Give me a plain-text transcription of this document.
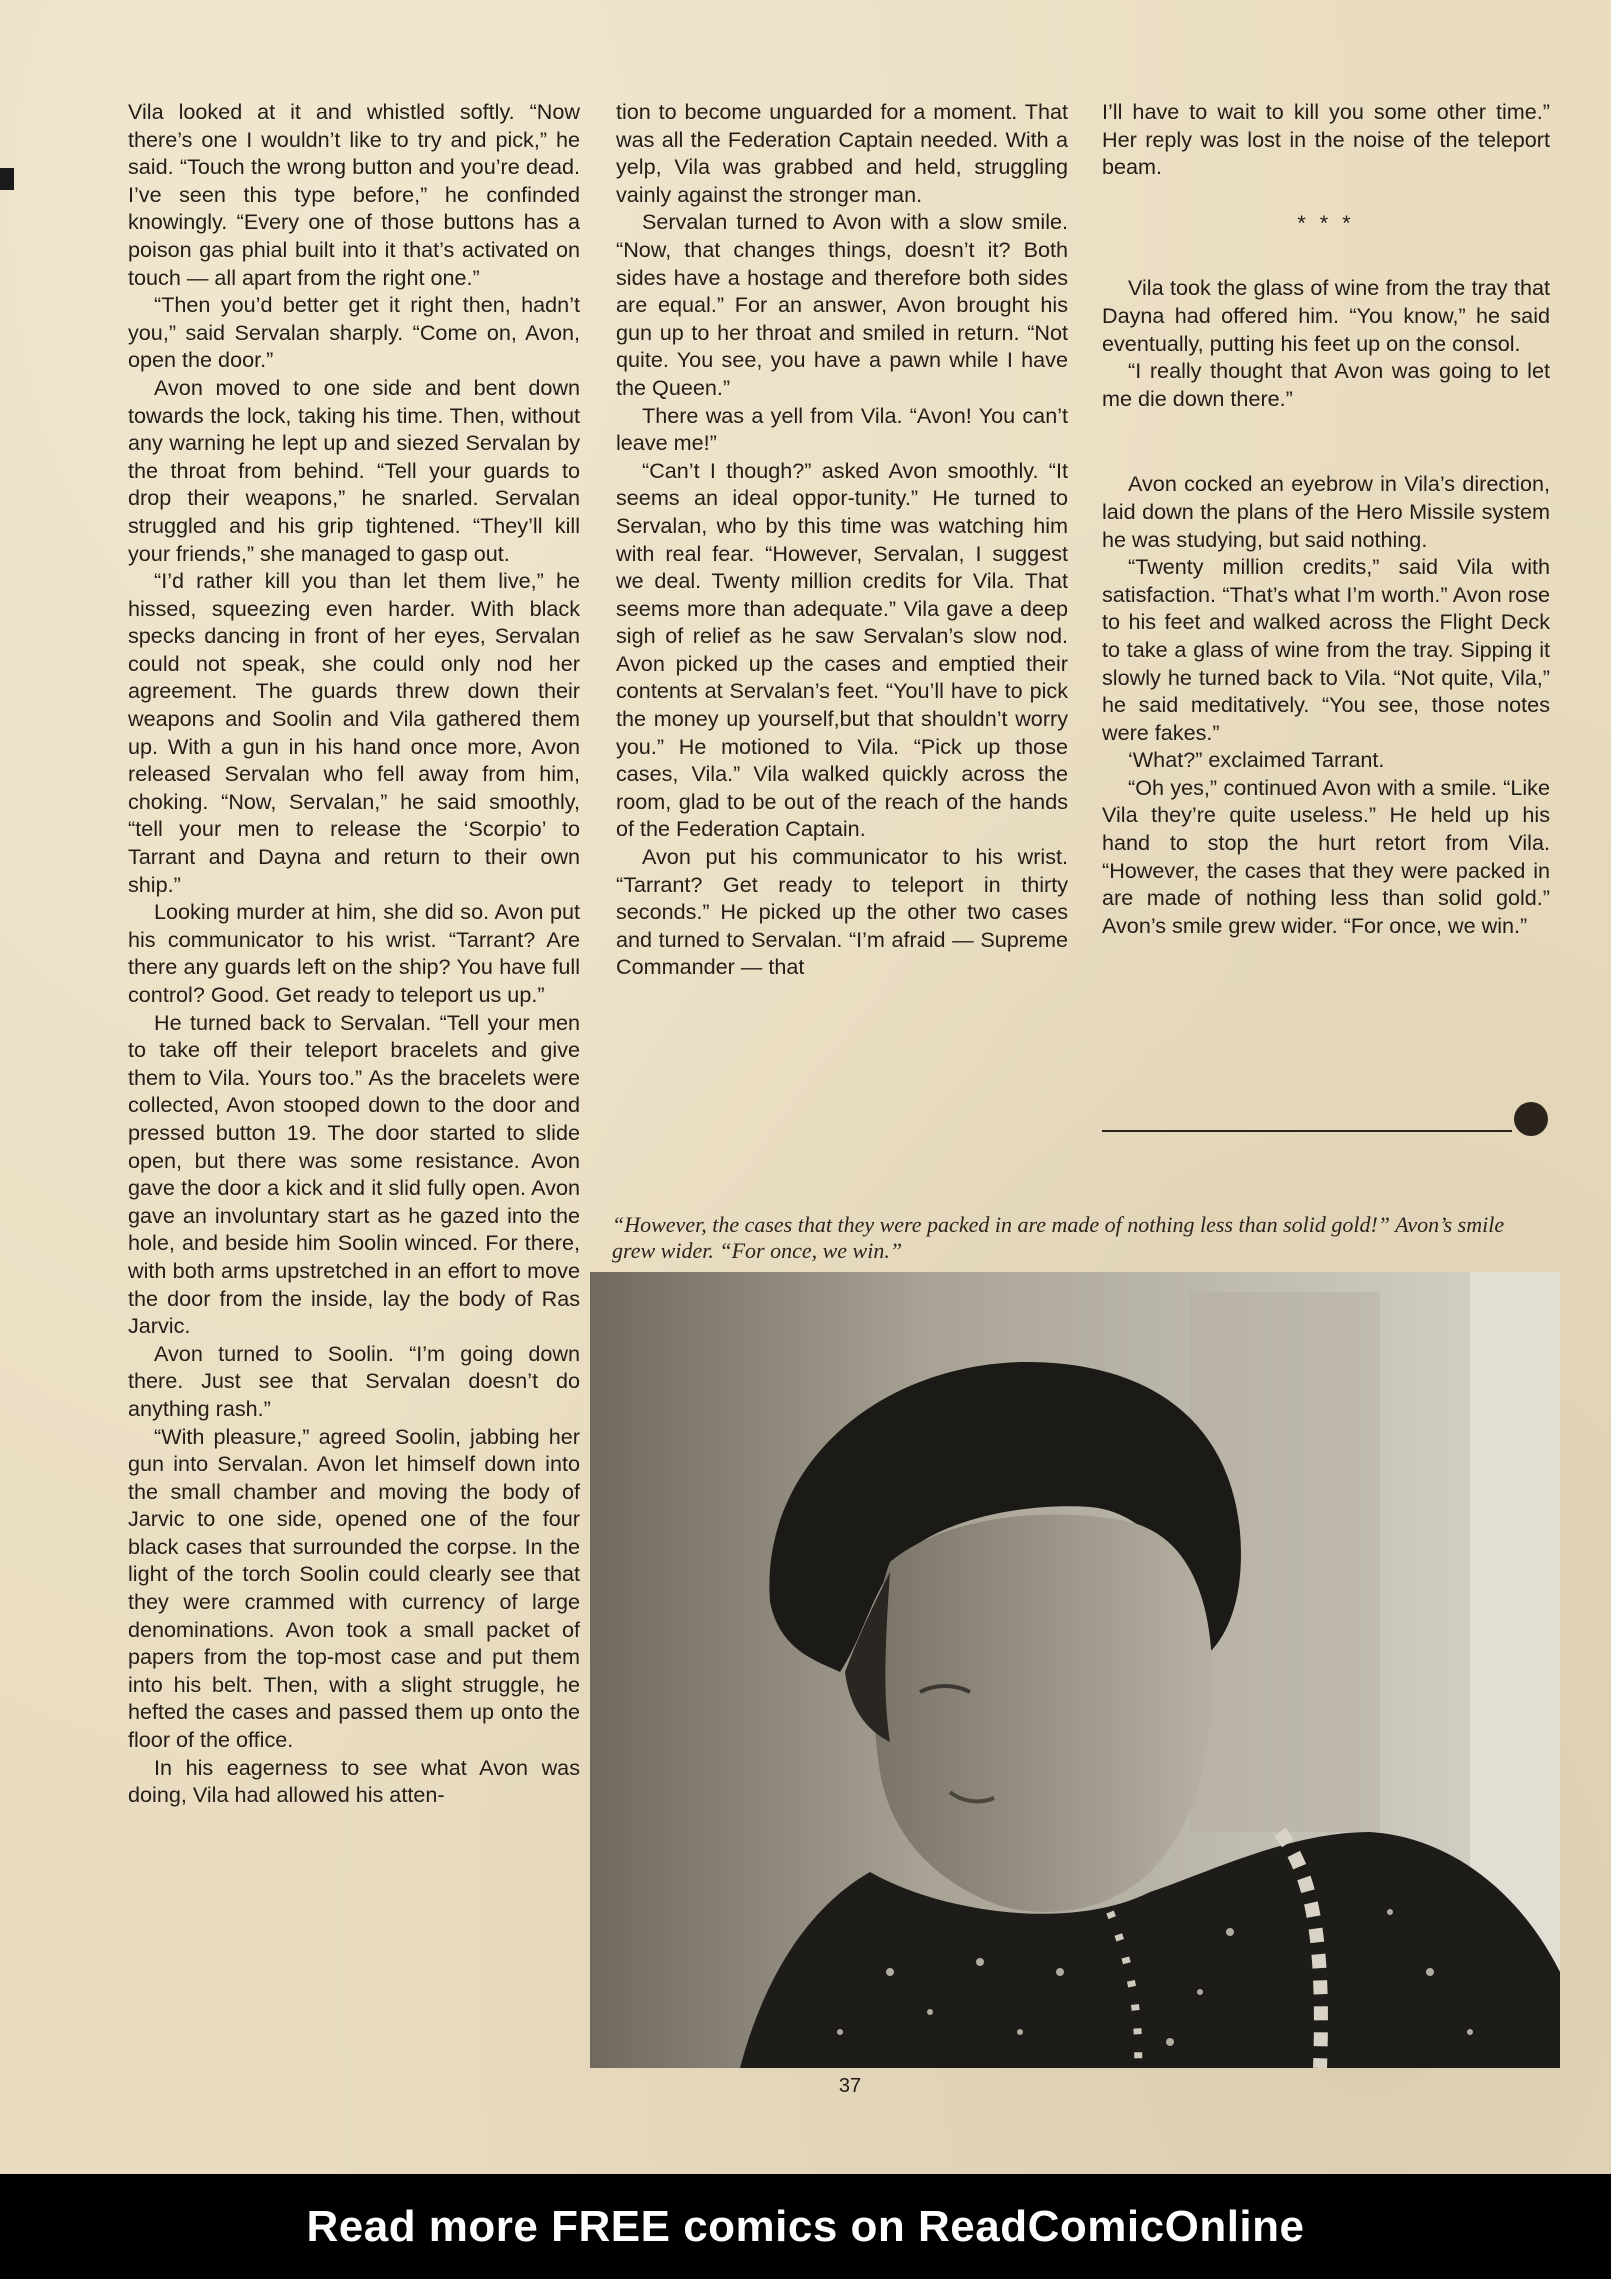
Vila looked at it and whistled softly. “Now there’s one I wouldn’t like to try and pick,” he said. “Touch the wrong button and you’re dead. I’ve seen this type before,” he confinded knowingly. “Every one of those buttons has a poison gas phial built into it that’s activated on touch — all apart from the right one.”

“Then you’d better get it right then, hadn’t you,” said Servalan sharply. “Come on, Avon, open the door.”

Avon moved to one side and bent down towards the lock, taking his time. Then, without any warning he lept up and siezed Servalan by the throat from behind. “Tell your guards to drop their weapons,” he snarled. Servalan struggled and his grip tightened. “They’ll kill your friends,” she managed to gasp out.

“I’d rather kill you than let them live,” he hissed, squeezing even harder. With black specks dancing in front of her eyes, Servalan could not speak, she could only nod her agreement. The guards threw down their weapons and Soolin and Vila gathered them up. With a gun in his hand once more, Avon released Servalan who fell away from him, choking. “Now, Servalan,” he said smoothly, “tell your men to release the ‘Scorpio’ to Tarrant and Dayna and return to their own ship.”

Looking murder at him, she did so. Avon put his communicator to his wrist. “Tarrant? Are there any guards left on the ship? You have full control? Good. Get ready to teleport us up.”

He turned back to Servalan. “Tell your men to take off their teleport bracelets and give them to Vila. Yours too.” As the bracelets were collected, Avon stooped down to the door and pressed button 19. The door started to slide open, but there was some resistance. Avon gave the door a kick and it slid fully open. Avon gave an involuntary start as he gazed into the hole, and beside him Soolin winced. For there, with both arms upstretched in an effort to move the door from the inside, lay the body of Ras Jarvic.

Avon turned to Soolin. “I’m going down there. Just see that Servalan doesn’t do anything rash.”

“With pleasure,” agreed Soolin, jabbing her gun into Servalan. Avon let himself down into the small chamber and moving the body of Jarvic to one side, opened one of the four black cases that surrounded the corpse. In the light of the torch Soolin could clearly see that they were crammed with currency of large denominations. Avon took a small packet of papers from the top-most case and put them into his belt. Then, with a slight struggle, he hefted the cases and passed them up onto the floor of the office.

In his eagerness to see what Avon was doing, Vila had allowed his atten-

tion to become unguarded for a moment. That was all the Federation Captain needed. With a yelp, Vila was grabbed and held, struggling vainly against the stronger man.

Servalan turned to Avon with a slow smile. “Now, that changes things, doesn’t it? Both sides have a hostage and therefore both sides are equal.” For an answer, Avon brought his gun up to her throat and smiled in return. “Not quite. You see, you have a pawn while I have the Queen.”

There was a yell from Vila. “Avon! You can’t leave me!”

“Can’t I though?” asked Avon smoothly. “It seems an ideal oppor-tunity.” He turned to Servalan, who by this time was watching him with real fear. “However, Servalan, I suggest we deal. Twenty million credits for Vila. That seems more than adequate.” Vila gave a deep sigh of relief as he saw Servalan’s slow nod. Avon picked up the cases and emptied their contents at Servalan’s feet. “You’ll have to pick the money up yourself,but that shouldn’t worry you.” He motioned to Vila. “Pick up those cases, Vila.” Vila walked quickly across the room, glad to be out of the reach of the hands of the Federation Captain.

Avon put his communicator to his wrist. “Tarrant? Get ready to teleport in thirty seconds.” He picked up the other two cases and turned to Servalan. “I’m afraid — Supreme Commander — that

I’ll have to wait to kill you some other time.” Her reply was lost in the noise of the teleport beam.

* * *

Vila took the glass of wine from the tray that Dayna had offered him. “You know,” he said eventually, putting his feet up on the consol.

“I really thought that Avon was going to let me die down there.”

Avon cocked an eyebrow in Vila’s direction, laid down the plans of the Hero Missile system he was studying, but said nothing.

“Twenty million credits,” said Vila with satisfaction. “That’s what I’m worth.” Avon rose to his feet and walked across the Flight Deck to take a glass of wine from the tray. Sipping it slowly he turned back to Vila. “Not quite, Vila,” he said meditatively. “You see, those notes were fakes.”

‘What?” exclaimed Tarrant.

“Oh yes,” continued Avon with a smile. “Like Vila they’re quite useless.” He held up his hand to stop the hurt retort from Vila. “However, the cases that they were packed in are made of nothing less than solid gold.” Avon’s smile grew wider. “For once, we win.”

“However, the cases that they were packed in are made of nothing less than solid gold!” Avon’s smile grew wider. “For once, we win.”
37
Read more FREE comics on ReadComicOnline
